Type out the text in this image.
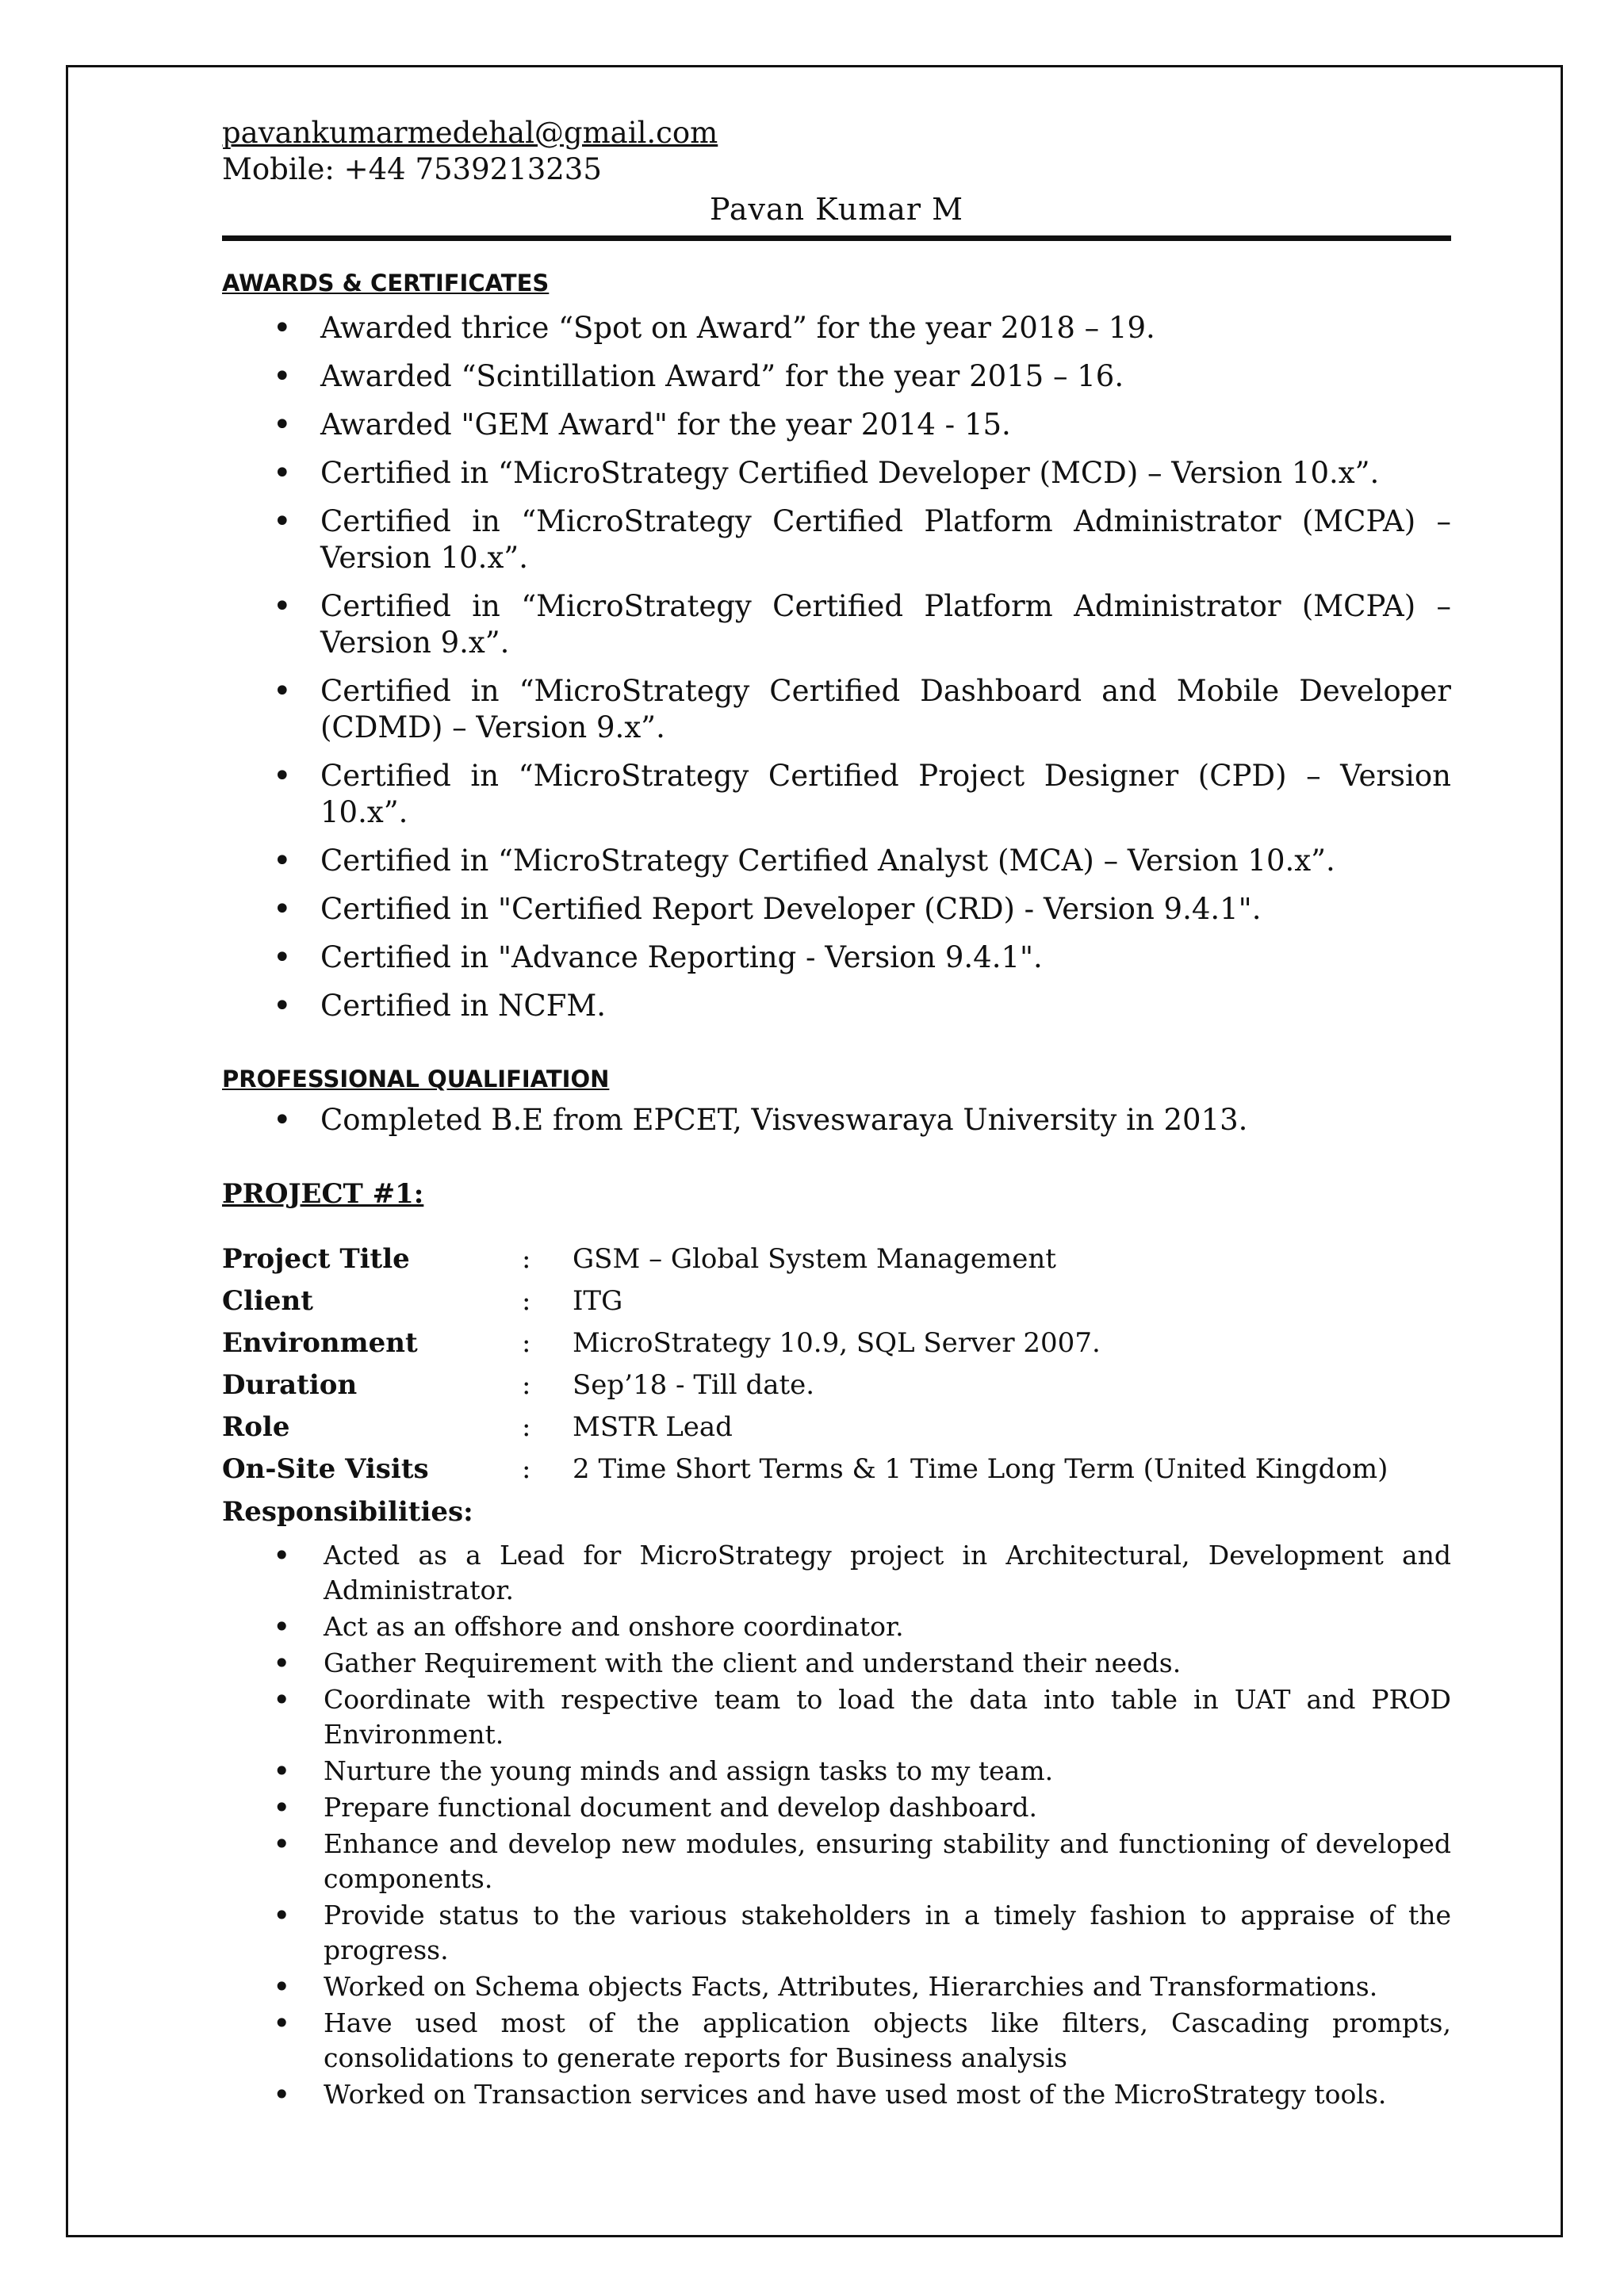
pavankumarmedehal@gmail.com
Mobile: +44 7539213235
Pavan Kumar M
AWARDS & CERTIFICATES
• Awarded thrice “Spot on Award” for the year 2018 – 19.
• Awarded “Scintillation Award” for the year 2015 – 16.
• Awarded "GEM Award" for the year 2014 - 15.
• Certified in “MicroStrategy Certified Developer (MCD) – Version 10.x”.
• Certified in “MicroStrategy Certified Platform Administrator (MCPA) – Version 10.x”.
• Certified in “MicroStrategy Certified Platform Administrator (MCPA) – Version 9.x”.
• Certified in “MicroStrategy Certified Dashboard and Mobile Developer (CDMD) – Version 9.x”.
• Certified in “MicroStrategy Certified Project Designer (CPD) – Version 10.x”.
• Certified in “MicroStrategy Certified Analyst (MCA) – Version 10.x”.
• Certified in "Certified Report Developer (CRD) - Version 9.4.1".
• Certified in "Advance Reporting - Version 9.4.1".
• Certified in NCFM.
PROFESSIONAL QUALIFIATION
• Completed B.E from EPCET, Visveswaraya University in 2013.
PROJECT #1:
Project Title	:	GSM – Global System Management
Client	:	ITG
Environment	:	MicroStrategy 10.9, SQL Server 2007.
Duration	:	Sep’18 - Till date.
Role	:	MSTR Lead
On-Site Visits	:	2 Time Short Terms & 1 Time Long Term (United Kingdom)
Responsibilities:
• Acted as a Lead for MicroStrategy project in Architectural, Development and Administrator.
• Act as an offshore and onshore coordinator.
• Gather Requirement with the client and understand their needs.
• Coordinate with respective team to load the data into table in UAT and PROD Environment.
• Nurture the young minds and assign tasks to my team.
• Prepare functional document and develop dashboard.
• Enhance and develop new modules, ensuring stability and functioning of developed components.
• Provide status to the various stakeholders in a timely fashion to appraise of the progress.
• Worked on Schema objects Facts, Attributes, Hierarchies and Transformations.
• Have used most of the application objects like filters, Cascading prompts, consolidations to generate reports for Business analysis
• Worked on Transaction services and have used most of the MicroStrategy tools.
